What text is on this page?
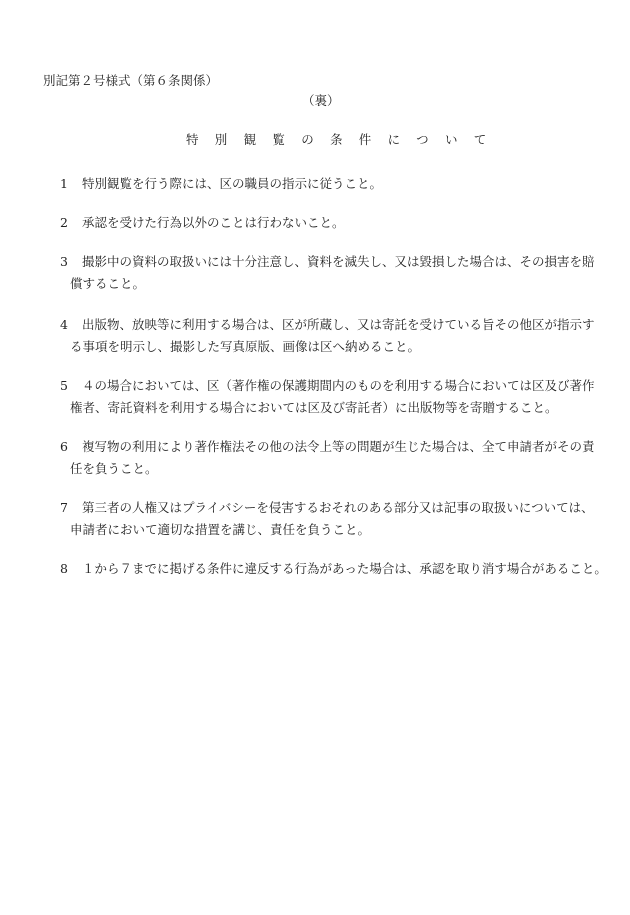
別記第２号様式（第６条関係）
（裏）
特別観覧の条件について
1	特別観覧を行う際には、区の職員の指示に従うこと。
2	承認を受けた行為以外のことは行わないこと。
3	撮影中の資料の取扱いには十分注意し、資料を滅失し、又は毀損した場合は、その損害を賠
償すること。
4	出版物、放映等に利用する場合は、区が所蔵し、又は寄託を受けている旨その他区が指示す
る事項を明示し、撮影した写真原版、画像は区へ納めること。
5	４の場合においては、区（著作権の保護期間内のものを利用する場合においては区及び著作
権者、寄託資料を利用する場合においては区及び寄託者）に出版物等を寄贈すること。
6	複写物の利用により著作権法その他の法令上等の問題が生じた場合は、全て申請者がその責
任を負うこと。
7	第三者の人権又はプライバシーを侵害するおそれのある部分又は記事の取扱いについては、
申請者において適切な措置を講じ、責任を負うこと。
8	１から７までに掲げる条件に違反する行為があった場合は、承認を取り消す場合があること。
